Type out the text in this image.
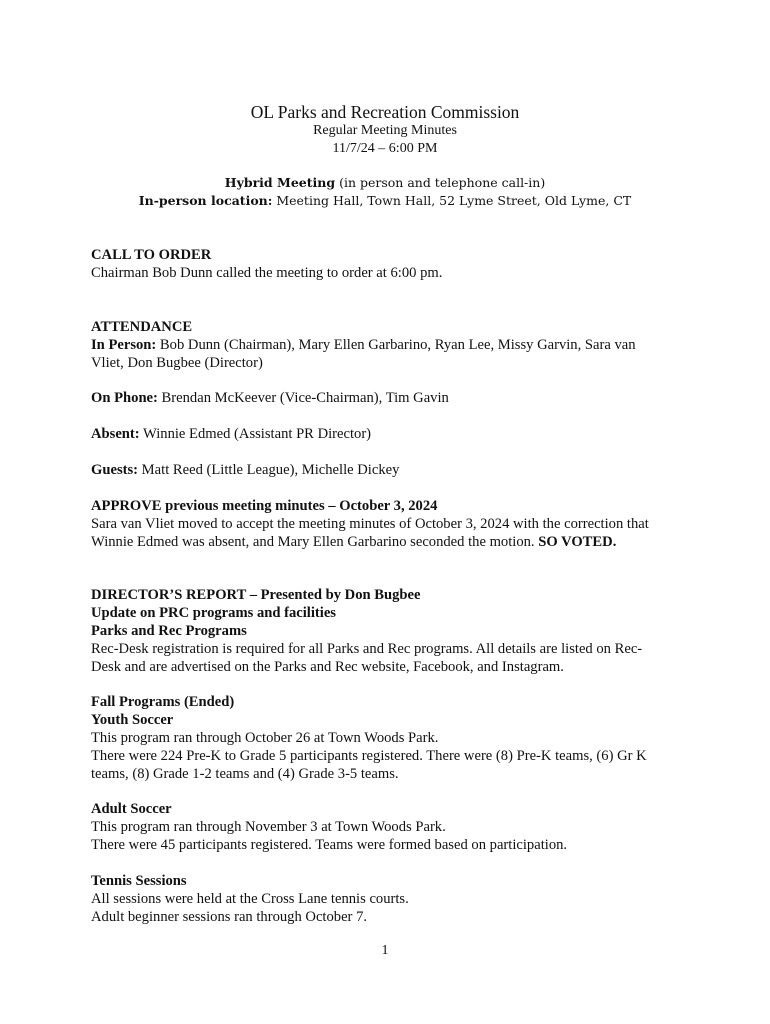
OL Parks and Recreation Commission
Regular Meeting Minutes
11/7/24 – 6:00 PM
Hybrid Meeting (in person and telephone call-in)
In-person location: Meeting Hall, Town Hall, 52 Lyme Street, Old Lyme, CT
CALL TO ORDER
Chairman Bob Dunn called the meeting to order at 6:00 pm.
ATTENDANCE
In Person: Bob Dunn (Chairman), Mary Ellen Garbarino, Ryan Lee, Missy Garvin, Sara van
Vliet, Don Bugbee (Director)
On Phone: Brendan McKeever (Vice-Chairman), Tim Gavin
Absent: Winnie Edmed (Assistant PR Director)
Guests: Matt Reed (Little League), Michelle Dickey
APPROVE previous meeting minutes – October 3, 2024
Sara van Vliet moved to accept the meeting minutes of October 3, 2024 with the correction that
Winnie Edmed was absent, and Mary Ellen Garbarino seconded the motion. SO VOTED.
DIRECTOR’S REPORT – Presented by Don Bugbee
Update on PRC programs and facilities
Parks and Rec Programs
Rec-Desk registration is required for all Parks and Rec programs. All details are listed on Rec-
Desk and are advertised on the Parks and Rec website, Facebook, and Instagram.
Fall Programs (Ended)
Youth Soccer
This program ran through October 26 at Town Woods Park.
There were 224 Pre-K to Grade 5 participants registered. There were (8) Pre-K teams, (6) Gr K
teams, (8) Grade 1-2 teams and (4) Grade 3-5 teams.
Adult Soccer
This program ran through November 3 at Town Woods Park.
There were 45 participants registered. Teams were formed based on participation.
Tennis Sessions
All sessions were held at the Cross Lane tennis courts.
Adult beginner sessions ran through October 7.
1
